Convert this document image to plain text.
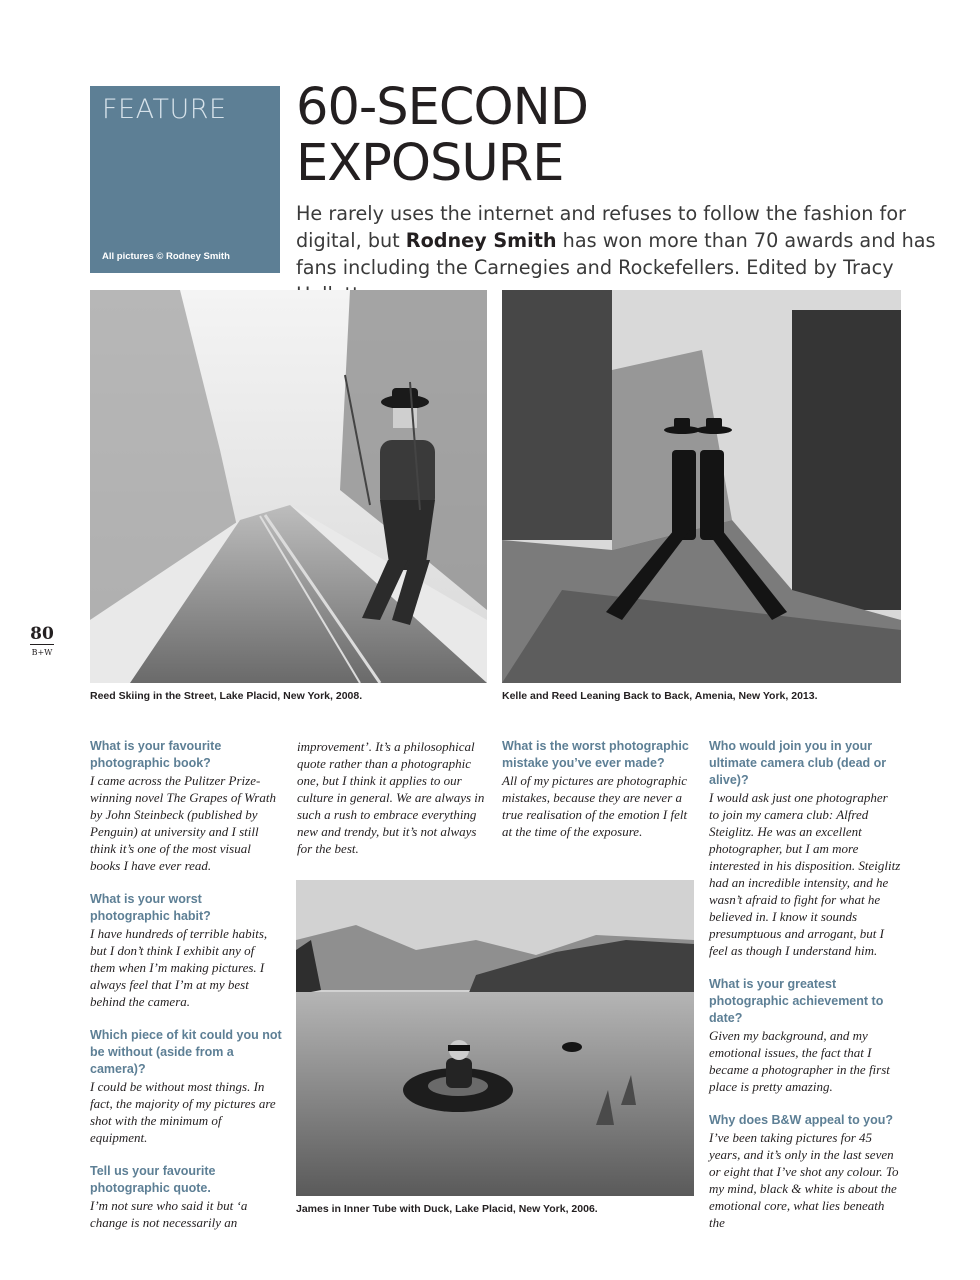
FEATURE
All pictures © Rodney Smith
60-SECOND
EXPOSURE
He rarely uses the internet and refuses to follow the fashion for digital, but Rodney Smith has won more than 70 awards and has fans including the Carnegies and Rockefellers. Edited by Tracy
Reed Skiing in the Street, Lake Placid, New York, 2008.	Kelle and Reed Leaning Back to Back, Amenia, New York, 2013.
James in Inner Tube with Duck, Lake Placid, New York, 2006.
80
B+W
What is your favourite photographic book?
I came across the Pulitzer Prize-winning novel The Grapes of Wrath by John Steinbeck (published by Penguin) at university and I still think it’s one of the most visual books I have ever read.
What is your worst photographic habit?
I have hundreds of terrible habits, but I don’t think I exhibit any of them when I’m making pictures. I always feel that I’m at my best behind the camera.
Which piece of kit could you not be without (aside from a camera)?
I could be without most things. In fact, the majority of my pictures are shot with the minimum of equipment.
Tell us your favourite photographic quote.
I’m not sure who said it but ‘a change is not necessarily an
improvement’. It’s a philosophical quote rather than a photographic one, but I think it applies to our culture in general. We are always in such a rush to embrace everything new and trendy, but it’s not always for the best.
What is the worst photographic mistake you’ve ever made?
All of my pictures are photographic mistakes, because they are never a true realisation of the emotion I felt at the time of the exposure.
Who would join you in your ultimate camera club (dead or alive)?
I would ask just one photographer to join my camera club: Alfred Steiglitz. He was an excellent photographer, but I am more interested in his disposition. Steiglitz had an incredible intensity, and he wasn’t afraid to fight for what he believed in. I know it sounds presumptuous and arrogant, but I feel as though I understand him.
What is your greatest photographic achievement to date?
Given my background, and my emotional issues, the fact that I became a photographer in the first place is pretty amazing.
Why does B&W appeal to you?
I’ve been taking pictures for 45 years, and it’s only in the last seven or eight that I’ve shot any colour. To my mind, black & white is about the emotional core, what lies beneath the
